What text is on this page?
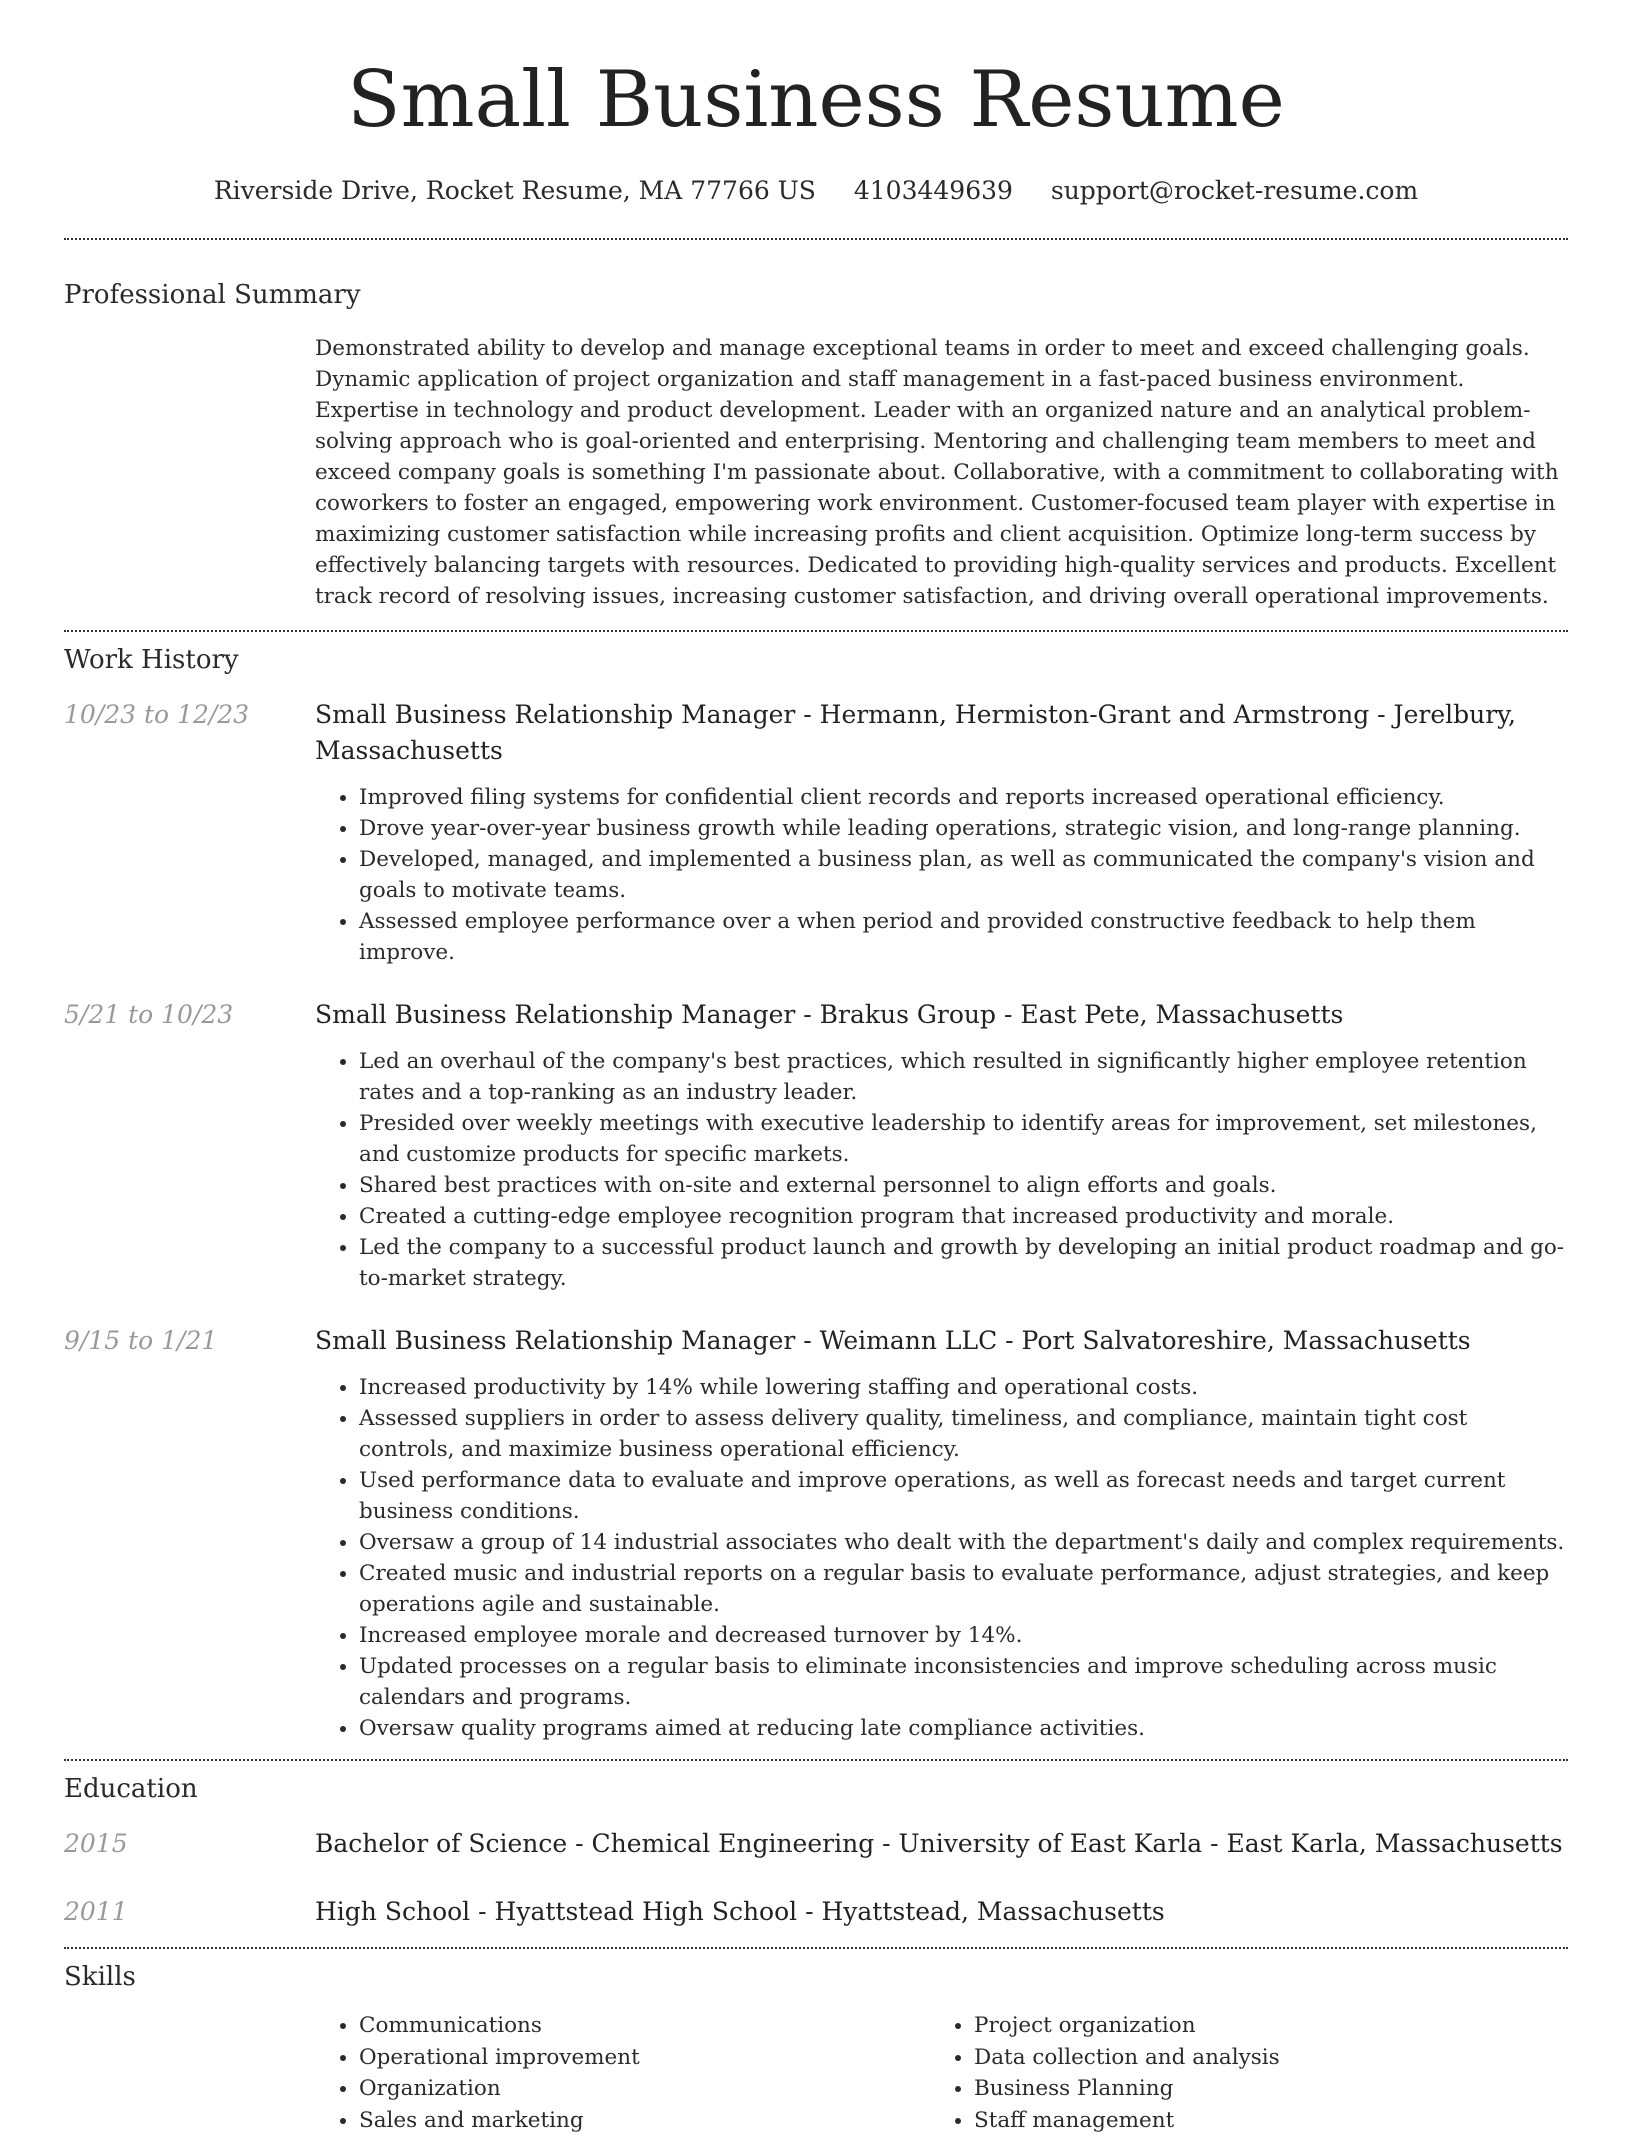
Small Business Resume
Riverside Drive, Rocket Resume, MA 77766 US 4103449639 support@rocket-resume.com
Professional Summary

Demonstrated ability to develop and manage exceptional teams in order to meet and exceed challenging goals. Dynamic application of project organization and staff management in a fast-paced business environment. Expertise in technology and product development. Leader with an organized nature and an analytical problem-solving approach who is goal-oriented and enterprising. Mentoring and challenging team members to meet and exceed company goals is something I'm passionate about. Collaborative, with a commitment to collaborating with coworkers to foster an engaged, empowering work environment. Customer-focused team player with expertise in maximizing customer satisfaction while increasing profits and client acquisition. Optimize long-term success by effectively balancing targets with resources. Dedicated to providing high-quality services and products. Excellent track record of resolving issues, increasing customer satisfaction, and driving overall operational improvements.

Work History
10/23 to 12/23	Small Business Relationship Manager - Hermann, Hermiston-Grant and Armstrong - Jerelbury, Massachusetts
• Improved filing systems for confidential client records and reports increased operational efficiency.
• Drove year-over-year business growth while leading operations, strategic vision, and long-range planning.
• Developed, managed, and implemented a business plan, as well as communicated the company's vision and goals to motivate teams.
• Assessed employee performance over a when period and provided constructive feedback to help them improve.
5/21 to 10/23	Small Business Relationship Manager - Brakus Group - East Pete, Massachusetts
• Led an overhaul of the company's best practices, which resulted in significantly higher employee retention rates and a top-ranking as an industry leader.
• Presided over weekly meetings with executive leadership to identify areas for improvement, set milestones, and customize products for specific markets.
• Shared best practices with on-site and external personnel to align efforts and goals.
• Created a cutting-edge employee recognition program that increased productivity and morale.
• Led the company to a successful product launch and growth by developing an initial product roadmap and go-to-market strategy.
9/15 to 1/21	Small Business Relationship Manager - Weimann LLC - Port Salvatoreshire, Massachusetts
• Increased productivity by 14% while lowering staffing and operational costs.
• Assessed suppliers in order to assess delivery quality, timeliness, and compliance, maintain tight cost controls, and maximize business operational efficiency.
• Used performance data to evaluate and improve operations, as well as forecast needs and target current business conditions.
• Oversaw a group of 14 industrial associates who dealt with the department's daily and complex requirements.
• Created music and industrial reports on a regular basis to evaluate performance, adjust strategies, and keep operations agile and sustainable.
• Increased employee morale and decreased turnover by 14%.
• Updated processes on a regular basis to eliminate inconsistencies and improve scheduling across music calendars and programs.
• Oversaw quality programs aimed at reducing late compliance activities.
Education
2015	Bachelor of Science - Chemical Engineering - University of East Karla - East Karla, Massachusetts
2011	High School - Hyattstead High School - Hyattstead, Massachusetts
Skills
• Communications
• Operational improvement
• Organization
• Sales and marketing
• Project organization
• Data collection and analysis
• Business Planning
• Staff management
